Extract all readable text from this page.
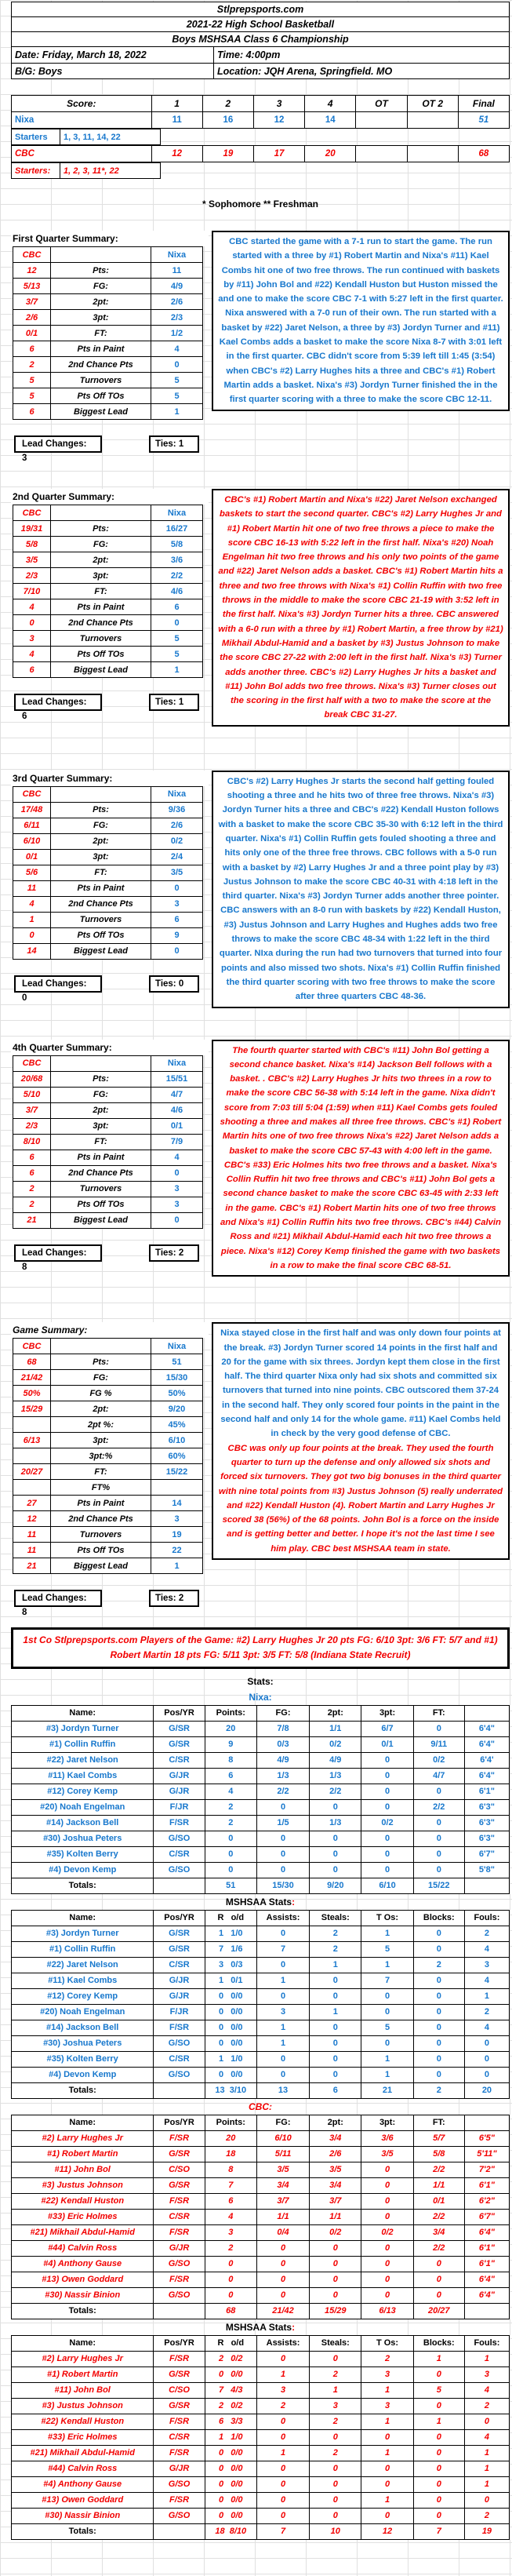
Stlprepsports.com
2021-22 High School Basketball
Boys MSHSAA Class 6 Championship
Date: Friday, March 18, 2022	Time: 4:00pm
B/G: Boys	Location: JQH Arena, Springfield. MO
Score:	1	2	3	4	OT	OT 2	Final
Nixa	11	16	12	14			51
Starters	1, 3, 11, 14, 22
CBC	12	19	17	20			68
Starters:	1, 2, 3, 11*, 22
* Sophomore ** Freshman
First Quarter Summary:
CBC		Nixa
12	Pts:	11
5/13	FG:	4/9
3/7	2pt:	2/6
2/6	3pt:	2/3
0/1	FT:	1/2
6	Pts in Paint	4
2	2nd Chance Pts	0
5	Turnovers	5
5	Pts Off TOs	5
6	Biggest Lead	1
Lead Changes: 3
Ties: 1
CBC started the game with a 7-1 run to start the game. The run started with a three by #1) Robert Martin and Nixa's #11) Kael Combs hit one of two free throws. The run continued with baskets by #11) John Bol and #22) Kendall Huston but Huston missed the and one to make the score CBC 7-1 with 5:27 left in the first quarter. Nixa answered with a 7-0 run of their own. The run started with a basket by #22) Jaret Nelson, a three by #3) Jordyn Turner and #11) Kael Combs adds a basket to make the score Nixa 8-7 with 3:01 left in the first quarter. CBC didn't score from 5:39 left till 1:45 (3:54) when CBC's #2) Larry Hughes hits a three and CBC's #1) Robert Martin adds a basket. Nixa's #3) Jordyn Turner finished the in the first quarter scoring with a three to make the score CBC 12-11.
2nd Quarter Summary:
CBC		Nixa
19/31	Pts:	16/27
5/8	FG:	5/8
3/5	2pt:	3/6
2/3	3pt:	2/2
7/10	FT:	4/6
4	Pts in Paint	6
0	2nd Chance Pts	0
3	Turnovers	5
4	Pts Off TOs	5
6	Biggest Lead	1
Lead Changes: 6
Ties: 1
CBC's #1) Robert Martin and Nixa's #22) Jaret Nelson exchanged baskets to start the second quarter. CBC's #2) Larry Hughes Jr and #1) Robert Martin hit one of two free throws a piece to make the score CBC 16-13 with 5:22 left in the first half. Nixa's #20) Noah Engelman hit two free throws and his only two points of the game and #22) Jaret Nelson adds a basket. CBC's #1) Robert Martin hits a three and two free throws with Nixa's #1) Collin Ruffin with two free throws in the middle to make the score CBC 21-19 with 3:52 left in the first half. Nixa's #3) Jordyn Turner hits a three. CBC answered with a 6-0 run with a three by #1) Robert Martin, a free throw by #21) Mikhail Abdul-Hamid and a basket by #3) Justus Johnson to make the score CBC 27-22 with 2:00 left in the first half. Nixa's #3) Turner adds another three. CBC's #2) Larry Hughes Jr hits a basket and #11) John Bol adds two free throws. Nixa's #3) Turner closes out the scoring in the first half with a two to make the score at the break CBC 31-27.
3rd Quarter Summary:
CBC		Nixa
17/48	Pts:	9/36
6/11	FG:	2/6
6/10	2pt:	0/2
0/1	3pt:	2/4
5/6	FT:	3/5
11	Pts in Paint	0
4	2nd Chance Pts	3
1	Turnovers	6
0	Pts Off TOs	9
14	Biggest Lead	0
Lead Changes: 0
Ties: 0
CBC's #2) Larry Hughes Jr starts the second half getting fouled shooting a three and he hits two of three free throws. Nixa's #3) Jordyn Turner hits a three and CBC's #22) Kendall Huston follows with a basket to make the score CBC 35-30 with 6:12 left in the third quarter. Nixa's #1) Collin Ruffin gets fouled shooting a three and hits only one of the three free throws. CBC follows with a 5-0 run with a basket by #2) Larry Hughes Jr and a three point play by #3) Justus Johnson to make the score CBC 40-31 with 4:18 left in the third quarter. Nixa's #3) Jordyn Turner adds another three pointer. CBC answers with an 8-0 run with baskets by #22) Kendall Huston, #3) Justus Johnson and Larry Hughes and Hughes adds two free throws to make the score CBC 48-34 with 1:22 left in the third quarter. NIxa during the run had two turnovers that turned into four points and also missed two shots. Nixa's #1) Collin Ruffin finished the third quarter scoring with two free throws to make the score after three quarters CBC 48-36.
4th Quarter Summary:
CBC		Nixa
20/68	Pts:	15/51
5/10	FG:	4/7
3/7	2pt:	4/6
2/3	3pt:	0/1
8/10	FT:	7/9
6	Pts in Paint	4
6	2nd Chance Pts	0
2	Turnovers	3
2	Pts Off TOs	3
21	Biggest Lead	0
Lead Changes: 8
Ties: 2
The fourth quarter started with CBC's #11) John Bol getting a second chance basket. Nixa's #14) Jackson Bell follows with a basket. . CBC's #2) Larry Hughes Jr hits two threes in a row to make the score CBC 56-38 with 5:14 left in the game. Nixa didn't score from 7:03 till 5:04 (1:59) when #11) Kael Combs gets fouled shooting a three and makes all three free throws. CBC's #1) Robert Martin hits one of two free throws Nixa's #22) Jaret Nelson adds a basket to make the score CBC 57-43 with 4:00 left in the game. CBC's #33) Eric Holmes hits two free throws and a basket. Nixa's Collin Ruffin hit two free throws and CBC's #11) John Bol gets a second chance basket to make the score CBC 63-45 with 2:33 left in the game. CBC's #1) Robert Martin hits one of two free throws and Nixa's #1) Collin Ruffin hits two free throws. CBC's #44) Calvin Ross and #21) Mikhail Abdul-Hamid each hit two free throws a piece. Nixa's #12) Corey Kemp finished the game with two baskets in a row to make the final score CBC 68-51.
Game Summary:
CBC		Nixa
68	Pts:	51
21/42	FG:	15/30
50%	FG %	50%
15/29	2pt:	9/20
	2pt %:	45%
6/13	3pt:	6/10
	3pt:%	60%
20/27	FT:	15/22
	FT%	
27	Pts in Paint	14
12	2nd Chance Pts	3
11	Turnovers	19
11	Pts Off TOs	22
21	Biggest Lead	1
Lead Changes: 8
Ties: 2
Nixa stayed close in the first half and was only down four points at the break. #3) Jordyn Turner scored 14 points in the first half and 20 for the game with six threes. Jordyn kept them close in the first half. The third quarter Nixa only had six shots and committed six turnovers that turned into nine points. CBC outscored them 37-24 in the second half. They only scored four points in the paint in the second half and only 14 for the whole game. #11) Kael Combs held in check by the very good defense of CBC.
CBC was only up four points at the break. They used the fourth quarter to turn up the defense and only allowed six shots and forced six turnovers. They got two big bonuses in the third quarter with nine total points from #3) Justus Johnson (5) really underrated and #22) Kendall Huston (4). Robert Martin and Larry Hughes Jr scored 38 (56%) of the 68 points. John Bol is a force on the inside and is getting better and better. I hope it's not the last time I see him play. CBC best MSHSAA team in state.
1st Co Stlprepsports.com Players of the Game: #2) Larry Hughes Jr 20 pts FG: 6/10 3pt: 3/6 FT: 5/7 and #1) Robert Martin 18 pts FG: 5/11 3pt: 3/5 FT: 5/8 (Indiana State Recruit)
Stats:
Nixa:
Name:	Pos/YR	Points:	FG:	2pt:	3pt:	FT:	
#3) Jordyn Turner	G/SR	20	7/8	1/1	6/7	0	6'4"
#1) Collin Ruffin	G/SR	9	0/3	0/2	0/1	9/11	6'4"
#22) Jaret Nelson	C/SR	8	4/9	4/9	0	0/2	6'4'
#11) Kael Combs	G/JR	6	1/3	1/3	0	4/7	6'4"
#12) Corey Kemp	G/JR	4	2/2	2/2	0	0	6'1"
#20) Noah Engelman	F/JR	2	0	0	0	2/2	6'3"
#14) Jackson Bell	F/SR	2	1/5	1/3	0/2	0	6'3"
#30) Joshua Peters	G/SO	0	0	0	0	0	6'3"
#35) Kolten Berry	C/SR	0	0	0	0	0	6'7"
#4) Devon Kemp	G/SO	0	0	0	0	0	5'8"
Totals:		51	15/30	9/20	6/10	15/22	
MSHSAA Stats:
Name:	Pos/YR	R   o/d	Assists:	Steals:	T Os:	Blocks:	Fouls:
#3) Jordyn Turner	G/SR	1   1/0	0	2	1	0	2
#1) Collin Ruffin	G/SR	7   1/6	7	2	5	0	4
#22) Jaret Nelson	C/SR	3   0/3	0	1	1	2	3
#11) Kael Combs	G/JR	1   0/1	1	0	7	0	4
#12) Corey Kemp	G/JR	0   0/0	0	0	0	0	1
#20) Noah Engelman	F/JR	0   0/0	3	1	0	0	2
#14) Jackson Bell	F/SR	0   0/0	1	0	5	0	4
#30) Joshua Peters	G/SO	0   0/0	1	0	0	0	0
#35) Kolten Berry	C/SR	1   1/0	0	0	1	0	0
#4) Devon Kemp	G/SO	0   0/0	0	0	1	0	0
Totals:		13  3/10	13	6	21	2	20
CBC:
Name:	Pos/YR	Points:	FG:	2pt:	3pt:	FT:	
#2) Larry Hughes Jr	F/SR	20	6/10	3/4	3/6	5/7	6'5"
#1) Robert Martin	G/SR	18	5/11	2/6	3/5	5/8	5'11"
#11) John Bol	C/SO	8	3/5	3/5	0	2/2	7'2"
#3) Justus Johnson	G/SR	7	3/4	3/4	0	1/1	6'1"
#22) Kendall Huston	F/SR	6	3/7	3/7	0	0/1	6'2"
#33) Eric Holmes	C/SR	4	1/1	1/1	0	2/2	6'7"
#21) Mikhail Abdul-Hamid	F/SR	3	0/4	0/2	0/2	3/4	6'4"
#44) Calvin Ross	G/JR	2	0	0	0	2/2	6'1"
#4) Anthony Gause	G/SO	0	0	0	0	0	6'1"
#13) Owen Goddard	F/SR	0	0	0	0	0	6'4"
#30) Nassir Binion	G/SO	0	0	0	0	0	6'4"
Totals:		68	21/42	15/29	6/13	20/27	
MSHSAA Stats:
Name:	Pos/YR	R   o/d	Assists:	Steals:	T Os:	Blocks:	Fouls:
#2) Larry Hughes Jr	F/SR	2   0/2	0	0	2	1	1
#1) Robert Martin	G/SR	0   0/0	1	2	3	0	3
#11) John Bol	C/SO	7   4/3	3	1	1	5	4
#3) Justus Johnson	G/SR	2   0/2	2	3	3	0	2
#22) Kendall Huston	F/SR	6   3/3	0	2	1	1	0
#33) Eric Holmes	C/SR	1   1/0	0	0	0	0	4
#21) Mikhail Abdul-Hamid	F/SR	0   0/0	1	2	1	0	1
#44) Calvin Ross	G/JR	0   0/0	0	0	0	0	1
#4) Anthony Gause	G/SO	0   0/0	0	0	0	0	1
#13) Owen Goddard	F/SR	0   0/0	0	0	1	0	0
#30) Nassir Binion	G/SO	0   0/0	0	0	0	0	2
Totals:		18  8/10	7	10	12	7	19
